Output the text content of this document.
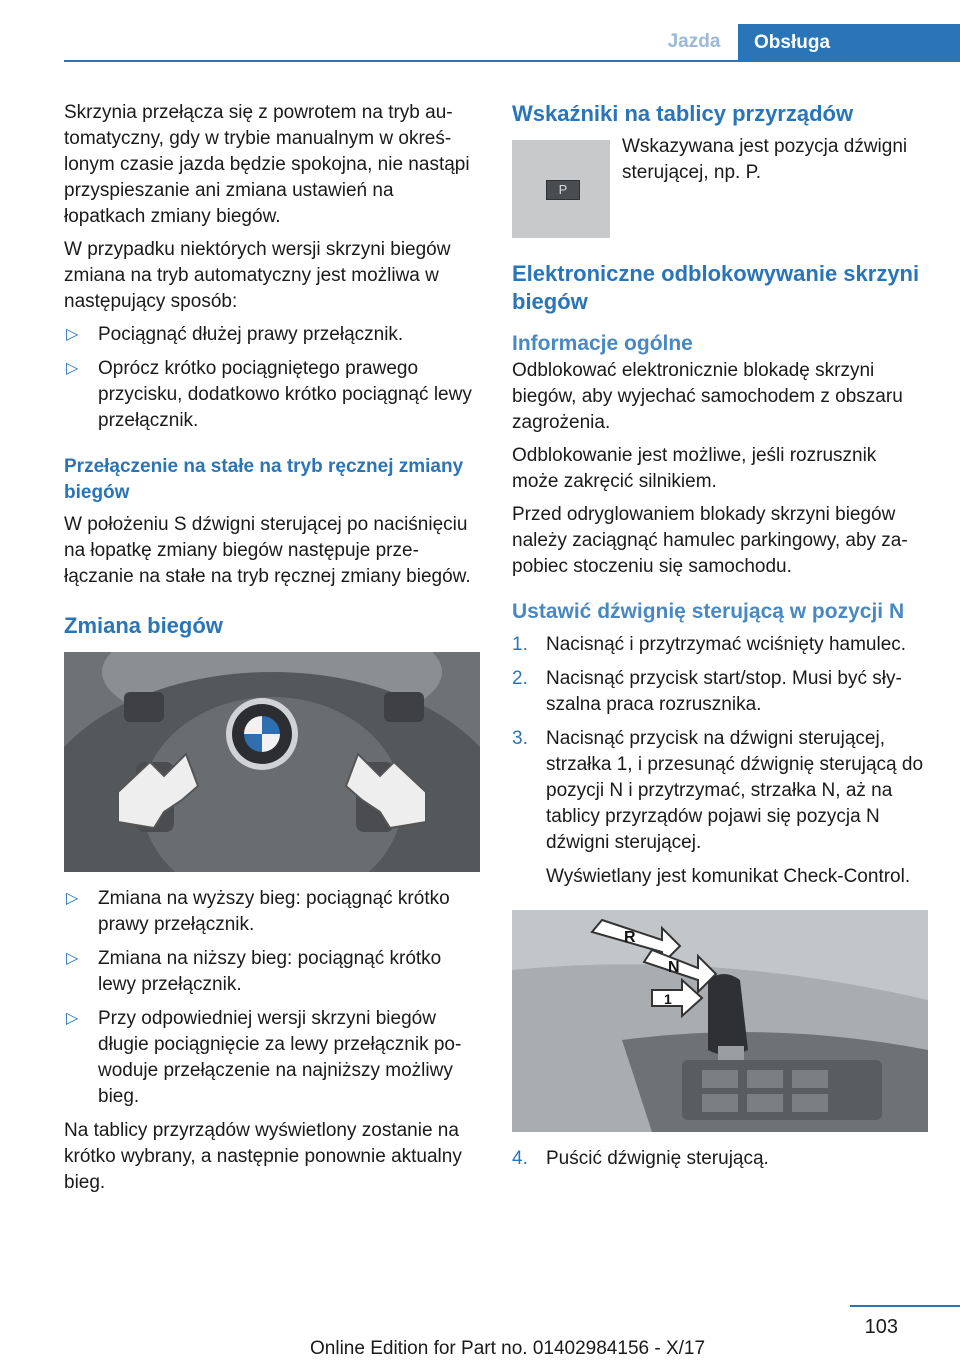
Jazda	Obsługa

Skrzynia przełącza się z powrotem na tryb automatyczny, gdy w trybie manualnym w określonym czasie jazda będzie spokojna, nie nastąpi przyspieszanie ani zmiana ustawień na łopatkach zmiany biegów.

W przypadku niektórych wersji skrzyni biegów zmiana na tryb automatyczny jest możliwa w następujący sposób:

▷ Pociągnąć dłużej prawy przełącznik.
▷ Oprócz krótko pociągniętego prawego przycisku, dodatkowo krótko pociągnąć lewy przełącznik.
Przełączenie na stałe na tryb ręcznej zmiany biegów

W położeniu S dźwigni sterującej po naciśnięciu na łopatkę zmiany biegów następuje przełączanie na stałe na tryb ręcznej zmiany biegów.

Zmiana biegów
▷ Zmiana na wyższy bieg: pociągnąć krótko prawy przełącznik.
▷ Zmiana na niższy bieg: pociągnąć krótko lewy przełącznik.
▷ Przy odpowiedniej wersji skrzyni biegów długie pociągnięcie za lewy przełącznik powoduje przełączenie na najniższy możliwy bieg.

Na tablicy przyrządów wyświetlony zostanie na krótko wybrany, a następnie ponownie aktualny bieg.

Wskaźniki na tablicy przyrządów
P
Wskazywana jest pozycja dźwigni sterującej, np. P.
Elektroniczne odblokowywanie skrzyni biegów
Informacje ogólne

Odblokować elektronicznie blokadę skrzyni biegów, aby wyjechać samochodem z obszaru zagrożenia.

Odblokowanie jest możliwe, jeśli rozrusznik może zakręcić silnikiem.

Przed odryglowaniem blokady skrzyni biegów należy zaciągnąć hamulec parkingowy, aby zapobiec stoczeniu się samochodu.

Ustawić dźwignię sterującą w pozycji N
1. Nacisnąć i przytrzymać wciśnięty hamulec.
2. Nacisnąć przycisk start/stop. Musi być słyszalna praca rozrusznika.
3. Nacisnąć przycisk na dźwigni sterującej, strzałka 1, i przesunąć dźwignię sterującą do pozycji N i przytrzymać, strzałka N, aż na tablicy przyrządów pojawi się pozycja N dźwigni sterującej.

Wyświetlany jest komunikat Check-Control.

R
N
1
4. Puścić dźwignię sterującą.
103
Online Edition for Part no. 01402984156 - X/17
